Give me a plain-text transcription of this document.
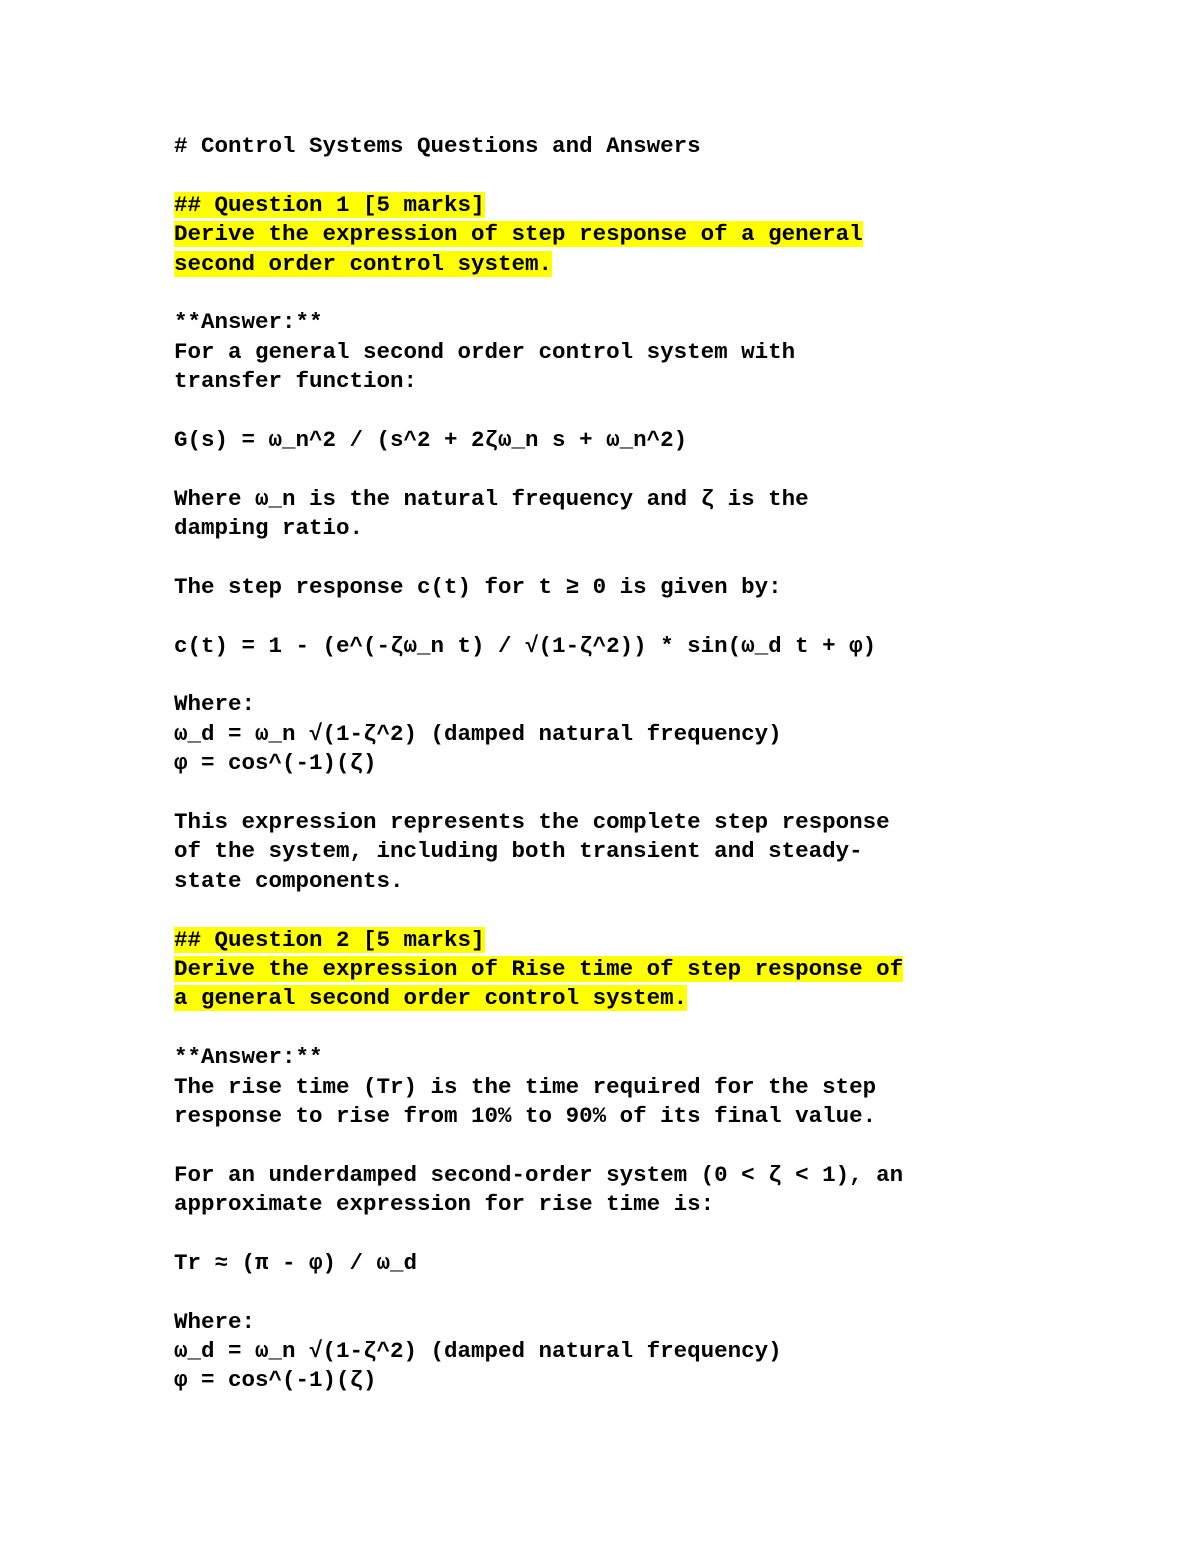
# Control Systems Questions and Answers
## Question 1 [5 marks]
Derive the expression of step response of a general
second order control system.
**Answer:**
For a general second order control system with
transfer function:
G(s) = ω_n^2 / (s^2 + 2ζω_n s + ω_n^2)
Where ω_n is the natural frequency and ζ is the
damping ratio.
The step response c(t) for t ≥ 0 is given by:
c(t) = 1 - (e^(-ζω_n t) / √(1-ζ^2)) * sin(ω_d t + φ)
Where:
ω_d = ω_n √(1-ζ^2) (damped natural frequency)
φ = cos^(-1)(ζ)
This expression represents the complete step response
of the system, including both transient and steady-
state components.
## Question 2 [5 marks]
Derive the expression of Rise time of step response of
a general second order control system.
**Answer:**
The rise time (Tr) is the time required for the step
response to rise from 10% to 90% of its final value.
For an underdamped second-order system (0 < ζ < 1), an
approximate expression for rise time is:
Tr ≈ (π - φ) / ω_d
Where:
ω_d = ω_n √(1-ζ^2) (damped natural frequency)
φ = cos^(-1)(ζ)
